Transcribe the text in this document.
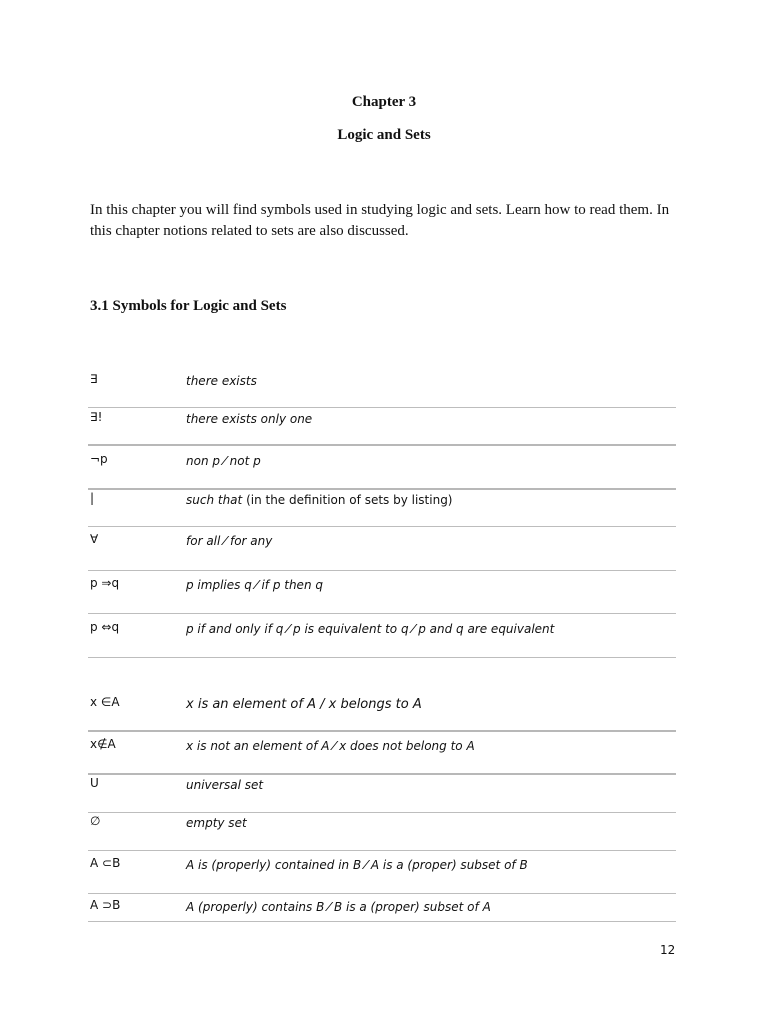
Chapter 3
Logic and Sets
In this chapter you will find symbols used in studying logic and sets. Learn how to read them. In this chapter notions related to sets are also discussed.
3.1 Symbols for Logic and Sets
∃	there exists
∃!	there exists only one
¬p	non p ⁄ not p
|	such that (in the definition of sets by listing)
∀	for all ⁄ for any
p ⇒q	p implies q ⁄ if p then q
p ⇔q	p if and only if q ⁄ p is equivalent to q ⁄ p and q are equivalent
x ∈A	x is an element of A / x belongs to A
x∉A	x is not an element of A ⁄ x does not belong to A
U	universal set
∅	empty set
A ⊂B	A is (properly) contained in B ⁄ A is a (proper) subset of B
A ⊃B	A (properly) contains B ⁄ B is a (proper) subset of A
12
